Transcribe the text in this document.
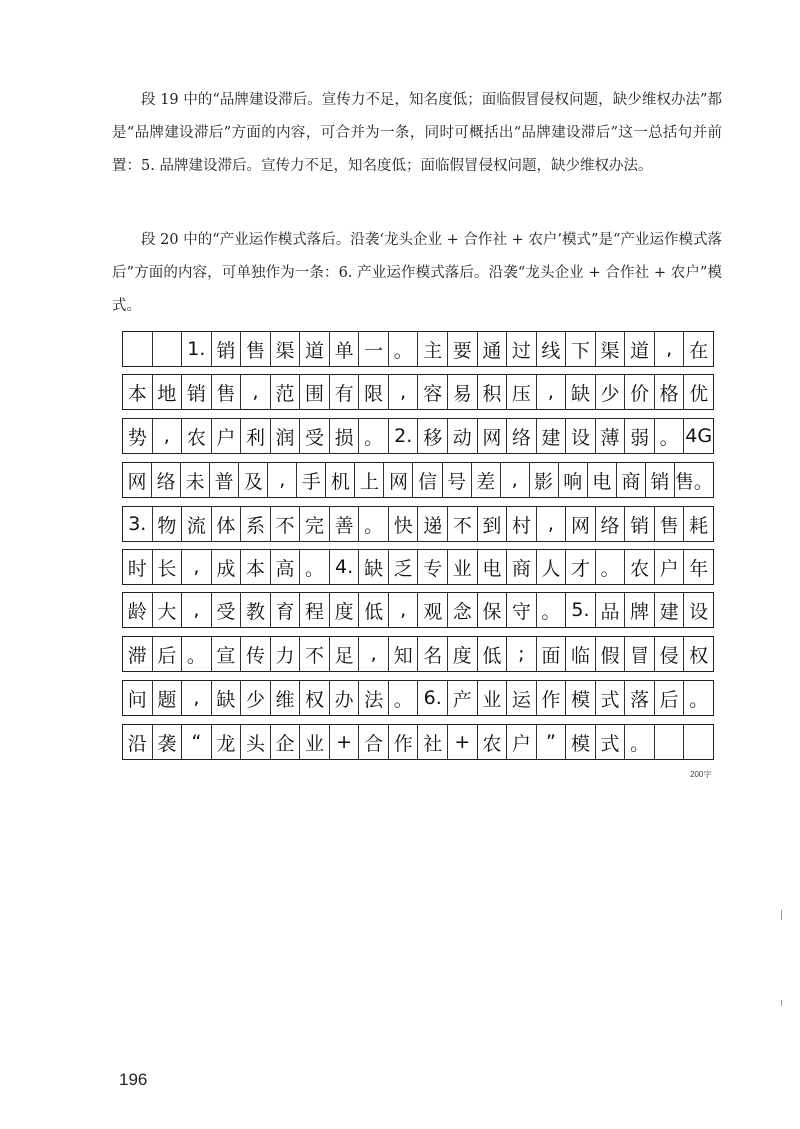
段 19 中的“品牌建设滞后。宣传力不足，知名度低；面临假冒侵权问题，缺少维权办法”都是“品牌建设滞后”方面的内容，可合并为一条，同时可概括出“品牌建设滞后”这一总括句并前置：5. 品牌建设滞后。宣传力不足，知名度低；面临假冒侵权问题，缺少维权办法。

段 20 中的“产业运作模式落后。沿袭‘龙头企业 + 合作社 + 农户’模式”是“产业运作模式落后”方面的内容，可单独作为一条：6. 产业运作模式落后。沿袭“龙头企业 + 合作社 + 农户”模式。

1. 销 售 渠 道 单 一 。 主 要 通 过 线 下 渠 道 , 在
本 地 销 售 , 范 围 有 限 , 容 易 积 压 , 缺 少 价 格 优
势 , 农 户 利 润 受 损 。 2. 移 动 网 络 建 设 薄 弱 。 4G
网 络 未 普 及 , 手 机 上 网 信 号 差 , 影 响 电 商 销 售。
3. 物 流 体 系 不 完 善 。 快 递 不 到 村 , 网 络 销 售 耗
时 长 , 成 本 高 。 4. 缺 乏 专 业 电 商 人 才 。 农 户 年
龄 大 , 受 教 育 程 度 低 , 观 念 保 守 。 5. 品 牌 建 设
滞 后 。 宣 传 力 不 足 , 知 名 度 低 ; 面 临 假 冒 侵 权
问 题 , 缺 少 维 权 办 法 。 6. 产 业 运 作 模 式 落 后 。
沿 袭 “ 龙 头 企 业 + 合 作 社 + 农 户 ” 模 式 。
200字
196
